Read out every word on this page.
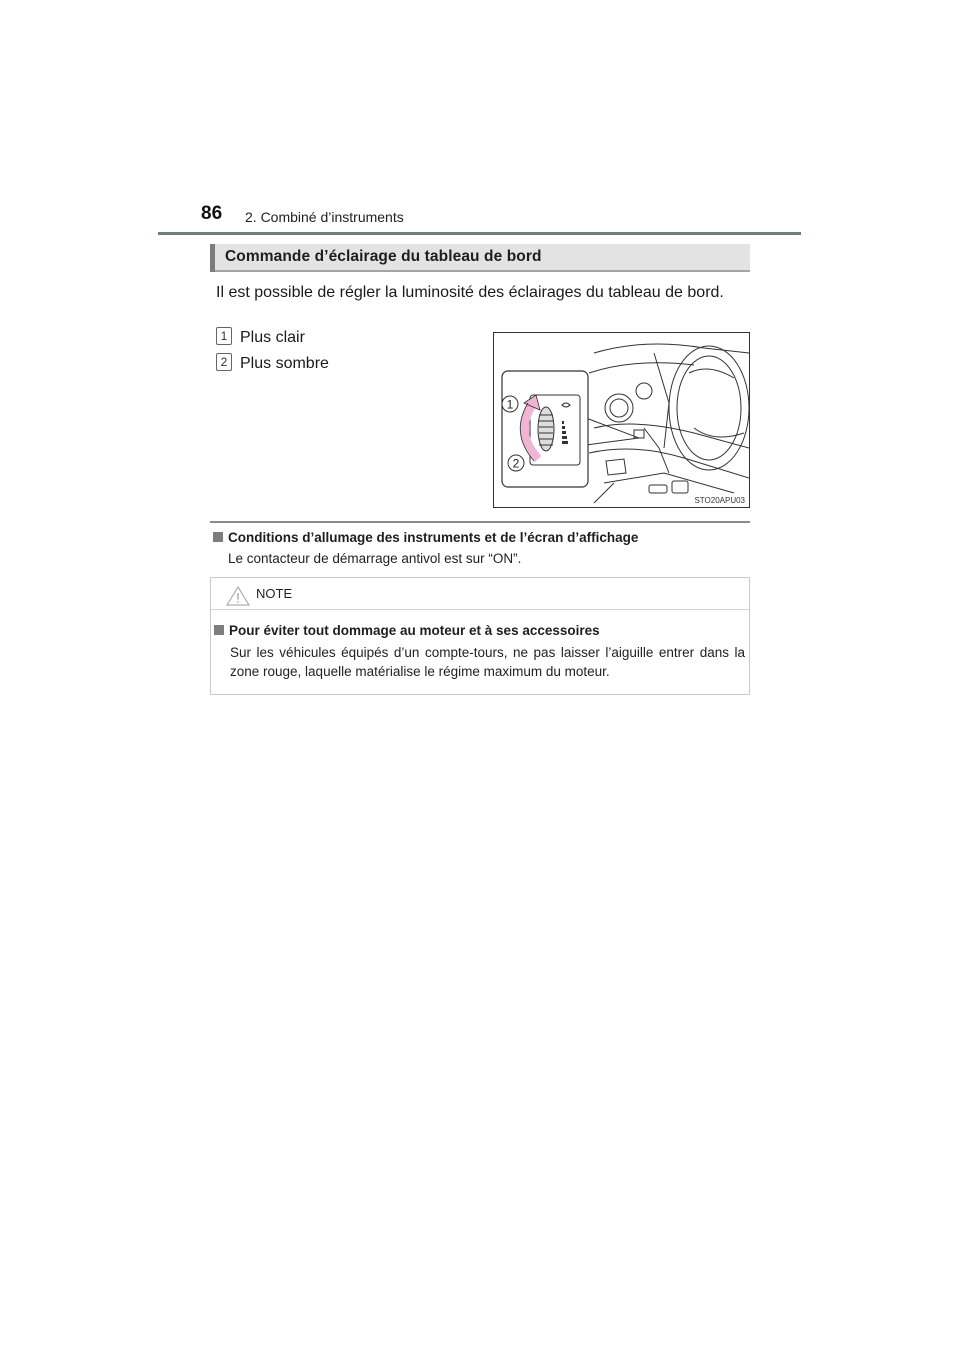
86 2. Combiné d’instruments
Commande d’éclairage du tableau de bord
Il est possible de régler la luminosité des éclairages du tableau de bord.
1 Plus clair
2 Plus sombre
1
2
STO20APU03
Conditions d’allumage des instruments et de l’écran d’affichage
Le contacteur de démarrage antivol est sur “ON”.
NOTE
Pour éviter tout dommage au moteur et à ses accessoires
Sur les véhicules équipés d’un compte-tours, ne pas laisser l’aiguille entrer dans la zone rouge, laquelle matérialise le régime maximum du moteur.
